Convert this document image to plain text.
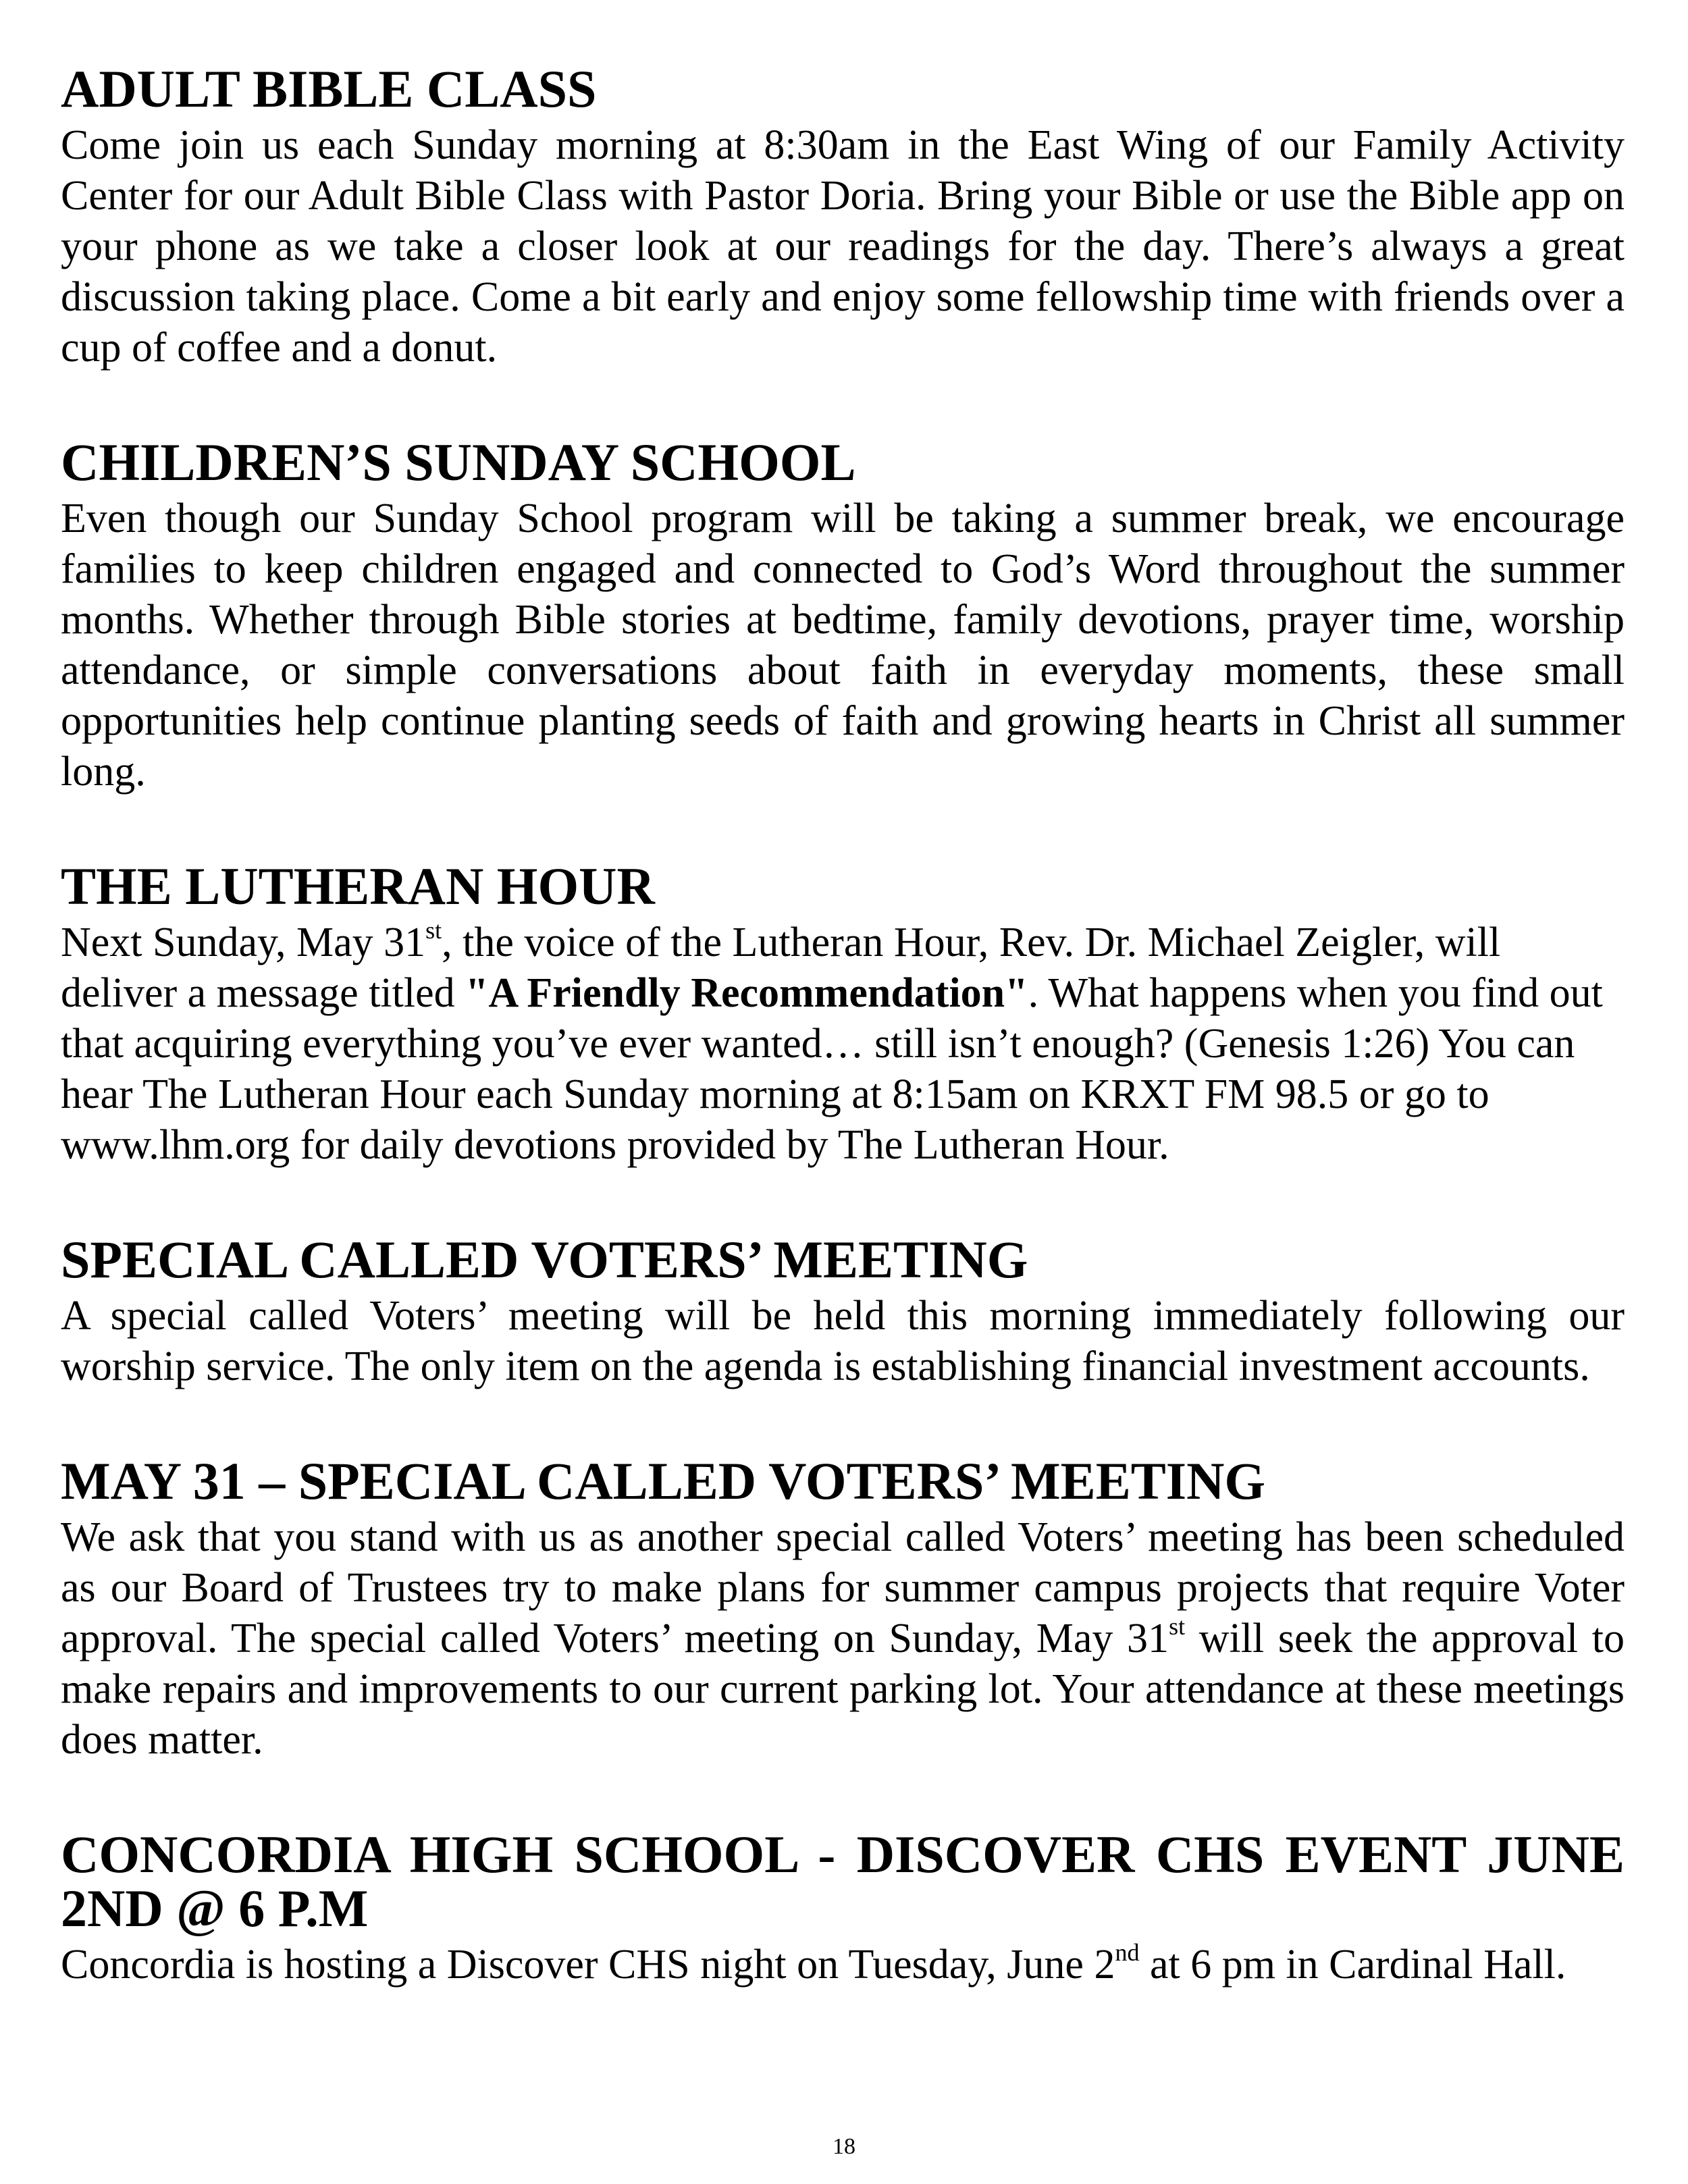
ADULT BIBLE CLASS

Come join us each Sunday morning at 8:30am in the East Wing of our Family Activity Center for our Adult Bible Class with Pastor Doria. Bring your Bible or use the Bible app on your phone as we take a closer look at our readings for the day. There’s always a great discussion taking place. Come a bit early and enjoy some fellowship time with friends over a cup of coffee and a donut.

CHILDREN’S SUNDAY SCHOOL

Even though our Sunday School program will be taking a summer break, we encourage families to keep children engaged and connected to God’s Word throughout the summer months. Whether through Bible stories at bedtime, family devotions, prayer time, worship attendance, or simple conversations about faith in everyday moments, these small opportunities help continue planting seeds of faith and growing hearts in Christ all summer long.

THE LUTHERAN HOUR

Next Sunday, May 31st, the voice of the Lutheran Hour, Rev. Dr. Michael Zeigler, will deliver a message titled "A Friendly Recommendation". What happens when you find out that acquiring everything you’ve ever wanted… still isn’t enough? (Genesis 1:26) You can hear The Lutheran Hour each Sunday morning at 8:15am on KRXT FM 98.5 or go to www.lhm.org for daily devotions provided by The Lutheran Hour.

SPECIAL CALLED VOTERS’ MEETING

A special called Voters’ meeting will be held this morning immediately following our worship service. The only item on the agenda is establishing financial investment accounts.

MAY 31 – SPECIAL CALLED VOTERS’ MEETING

We ask that you stand with us as another special called Voters’ meeting has been scheduled as our Board of Trustees try to make plans for summer campus projects that require Voter approval. The special called Voters’ meeting on Sunday, May 31st will seek the approval to make repairs and improvements to our current parking lot. Your attendance at these meetings does matter.

CONCORDIA HIGH SCHOOL - DISCOVER CHS EVENT JUNE 2ND @ 6 P.M

Concordia is hosting a Discover CHS night on Tuesday, June 2nd at 6 pm in Cardinal Hall.

18
